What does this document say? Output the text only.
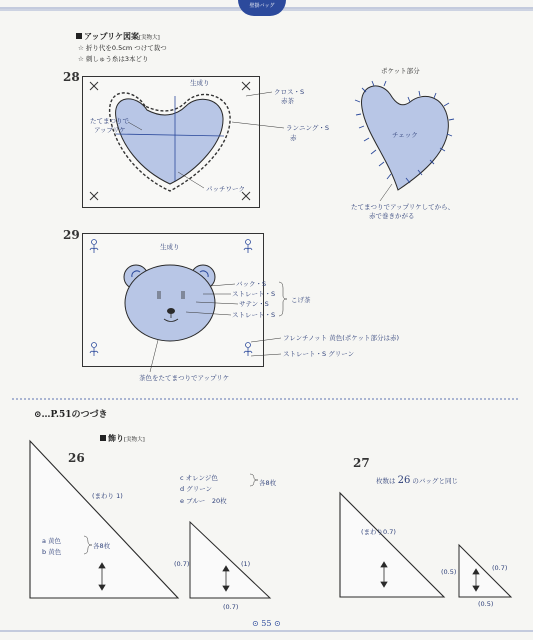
壁掛バッグ
アップリケ図案[実物大]
☆ 折り代を0.5cm つけて裁つ
☆ 刺しゅう糸は3本どり
28	生成り
クロス・S
赤茶
ランニング・S
赤
たてまつりで
アップリケ
パッチワーク
ポケット部分
チェック
たてまつりでアップリケしてから、
赤で巻きかがる
29
生成り
バック・S
ストレート・S
サテン・S
ストレート・S
こげ茶
フレンチノット 黄色(ポケット部分は赤)
ストレート・S グリーン
茶色をたてまつりでアップリケ
⊙…P.51のつづき
飾り[実物大]
26
(まわり 1)
a 黄色
b 黄色
各8枚
c オレンジ色
d グリーン
各8枚
e ブルー　 20枚
(0.7)	(1)
(0.7)
27
枚数は 26 のバッグと同じ
(まわり0.7)
(0.5)	(0.7)
(0.5)
⊙ 55 ⊙
